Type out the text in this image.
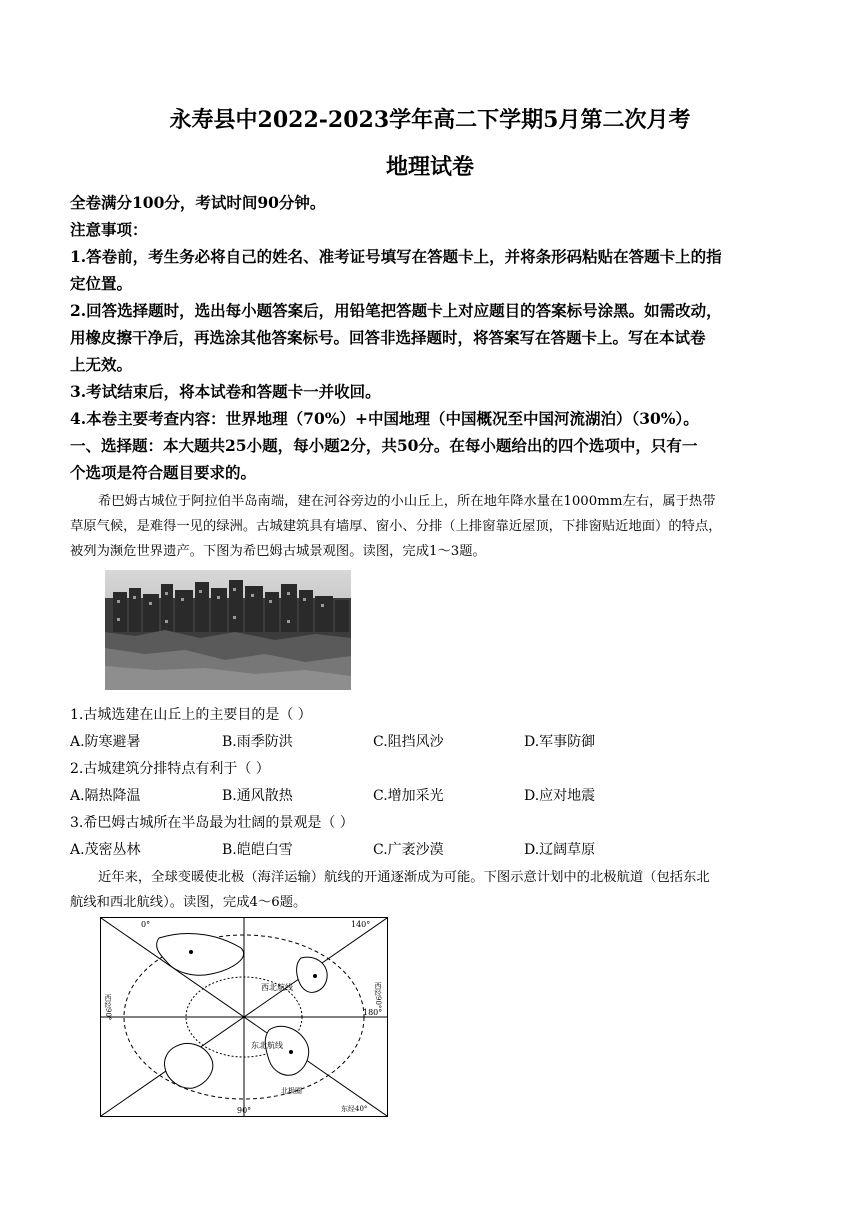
永寿县中2022-2023学年高二下学期5月第二次月考
地理试卷
全卷满分100分，考试时间90分钟。
注意事项：
1.答卷前，考生务必将自己的姓名、准考证号填写在答题卡上，并将条形码粘贴在答题卡上的指
定位置。
2.回答选择题时，选出每小题答案后，用铅笔把答题卡上对应题目的答案标号涂黑。如需改动，
用橡皮擦干净后，再选涂其他答案标号。回答非选择题时，将答案写在答题卡上。写在本试卷
上无效。
3.考试结束后，将本试卷和答题卡一并收回。
4.本卷主要考查内容：世界地理（70%）+中国地理（中国概况至中国河流湖泊）（30%）。
一、选择题：本大题共25小题，每小题2分，共50分。在每小题给出的四个选项中，只有一
个选项是符合题目要求的。
希巴姆古城位于阿拉伯半岛南端，建在河谷旁边的小山丘上，所在地年降水量在1000mm左右，属于热带
草原气候，是难得一见的绿洲。古城建筑具有墙厚、窗小、分排（上排窗靠近屋顶，下排窗贴近地面）的特点，
被列为濒危世界遗产。下图为希巴姆古城景观图。读图，完成1～3题。
1.古城选建在山丘上的主要目的是（ ）
A.防寒避暑	B.雨季防洪	C.阻挡风沙	D.军事防御
2.古城建筑分排特点有利于（ ）
A.隔热降温	B.通风散热	C.增加采光	D.应对地震
3.希巴姆古城所在半岛最为壮阔的景观是（ ）
A.茂密丛林	B.皑皑白雪	C.广袤沙漠	D.辽阔草原
近年来，全球变暖使北极（海洋运输）航线的开通逐渐成为可能。下图示意计划中的北极航道（包括东北
航线和西北航线）。读图，完成4～6题。
0°	140°
西经90°	180°
西经90°
90°	东经40°
西北航线
东北航线
北极圈
